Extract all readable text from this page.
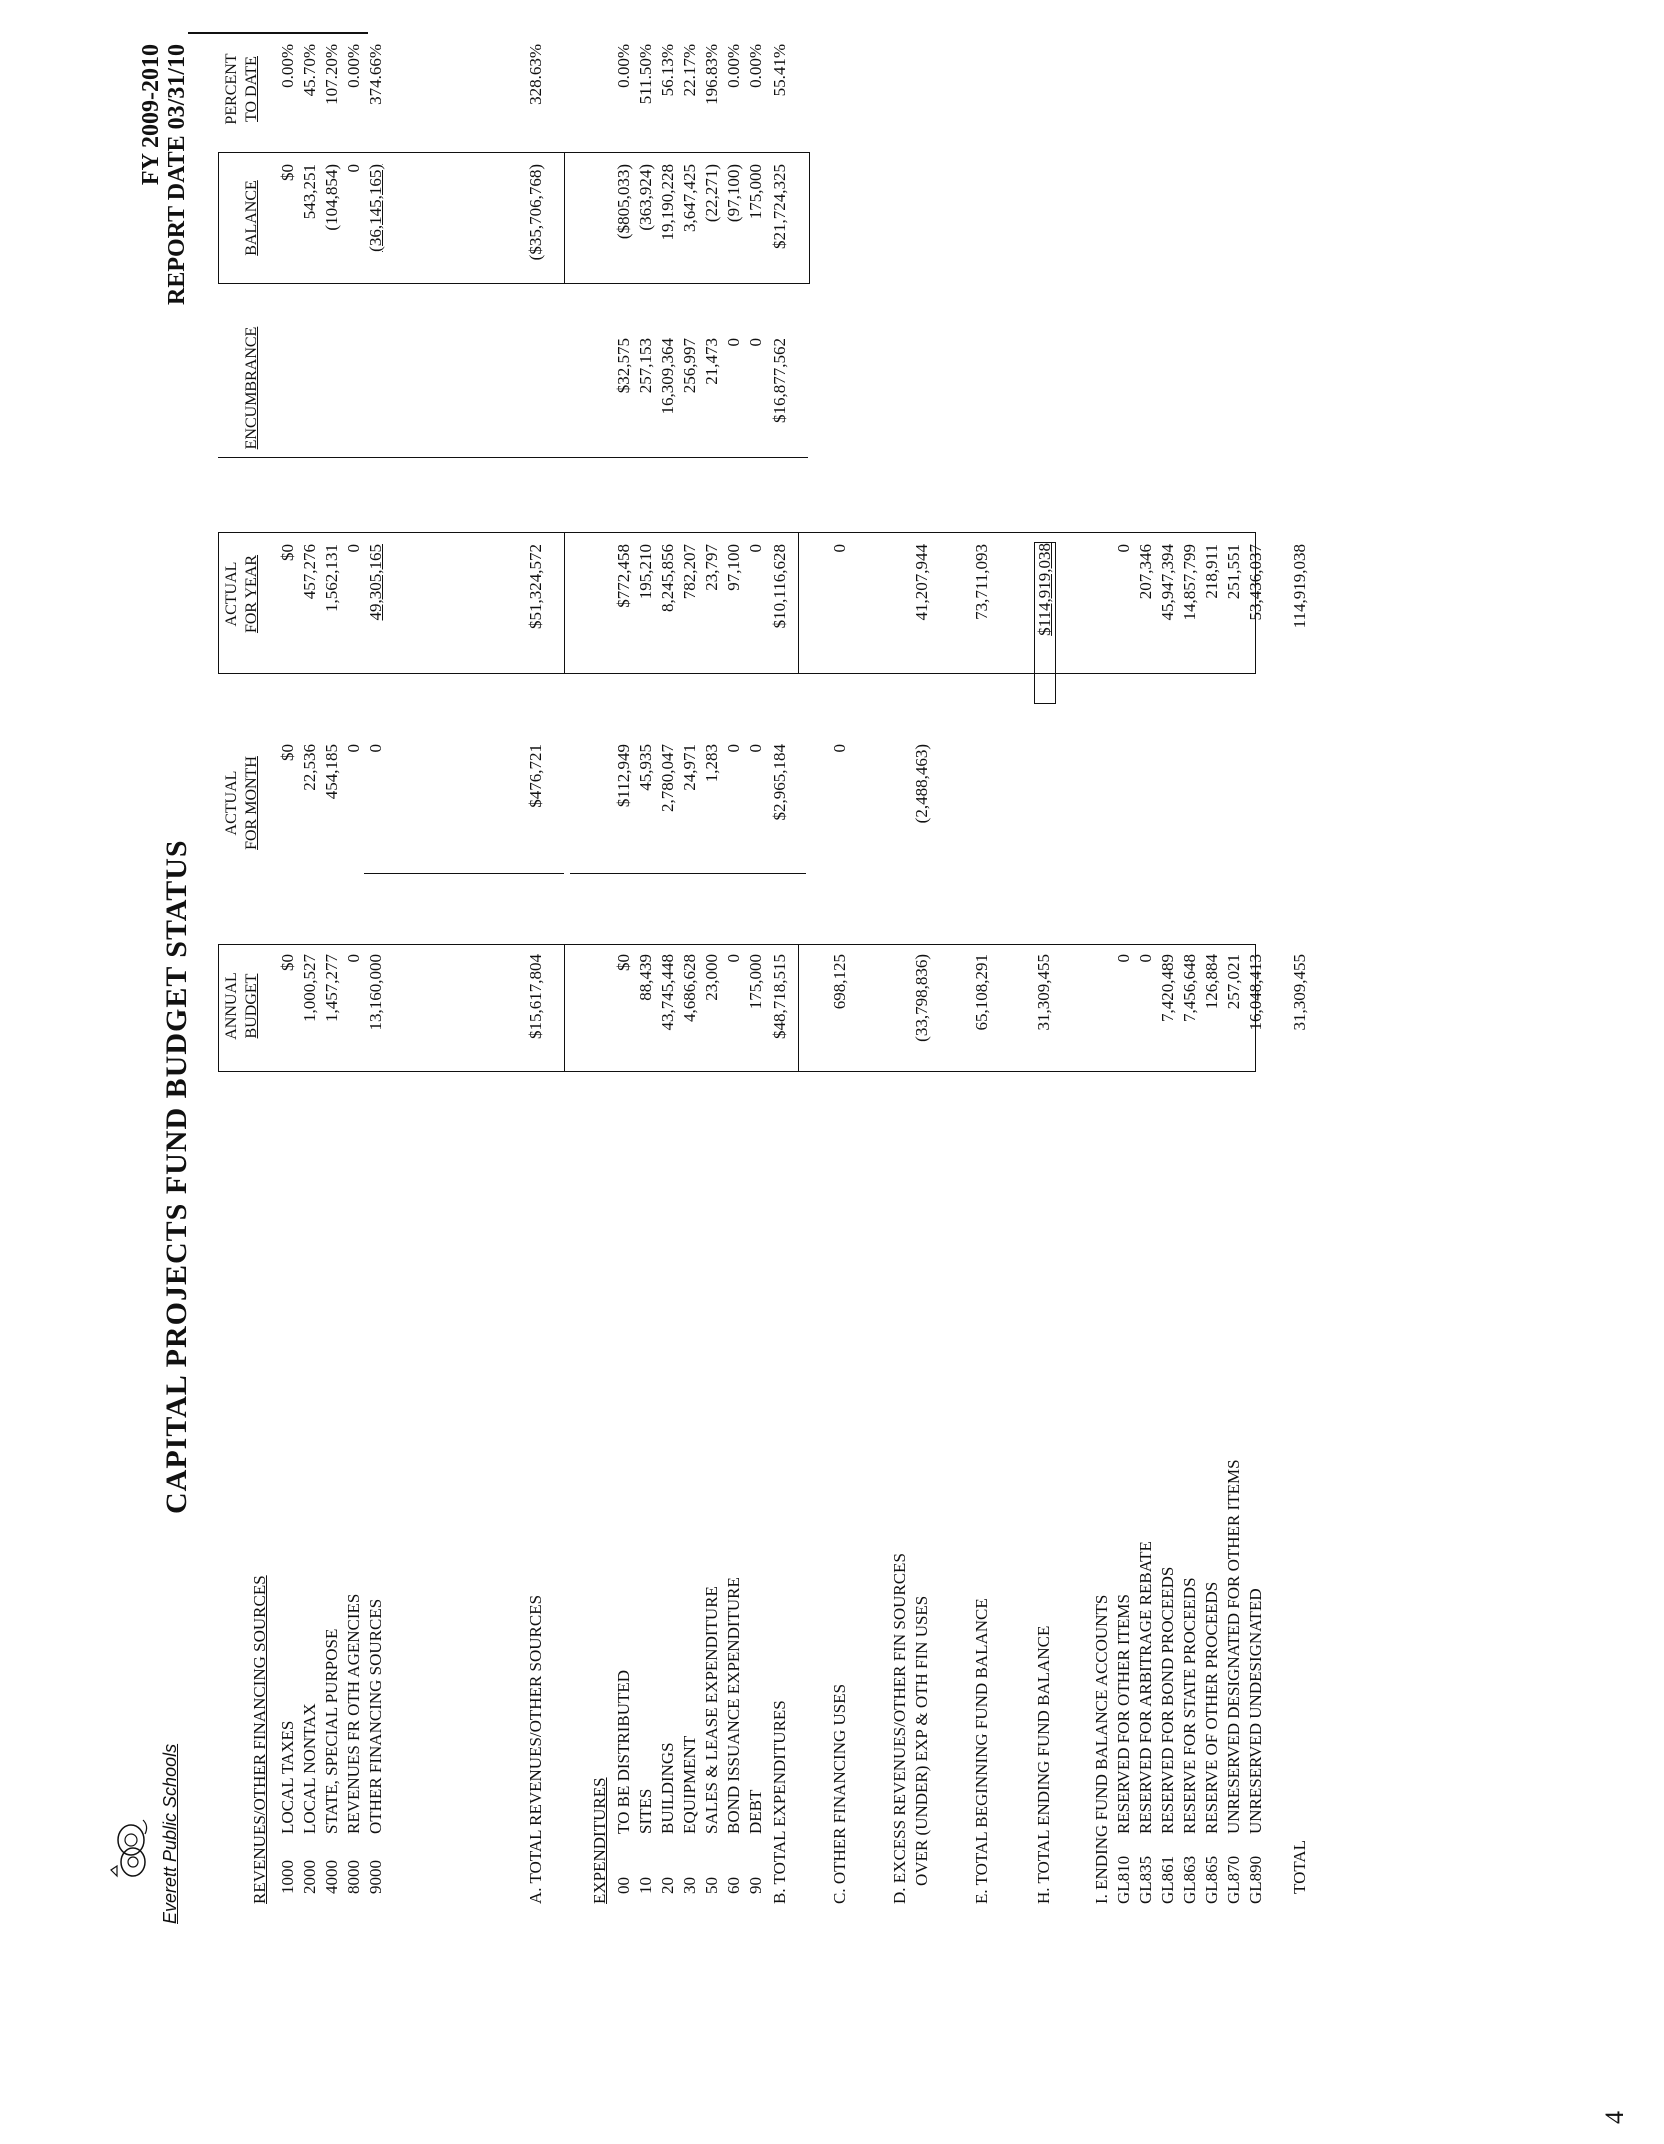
Everett Public Schools
CAPITAL PROJECTS FUND BUDGET STATUS
FY 2009-2010 REPORT DATE 03/31/10
ANNUAL BUDGET
ACTUAL FOR MONTH
ACTUAL FOR YEAR
ENCUMBRANCE
BALANCE
PERCENT TO DATE
REVENUES/OTHER FINANCING SOURCES 1000
LOCAL TAXES
$0
$0
$0
$0
0.00%
2000
LOCAL NONTAX
1,000,527
22,536
457,276
543,251
45.70%
4000
STATE, SPECIAL PURPOSE
1,457,277
454,185
1,562,131
(104,854)
107.20%
8000
REVENUES FR OTH AGENCIES
0
0
0
0
0.00%
9000
OTHER FINANCING SOURCES
13,160,000
0
49,305,165
(36,145,165)
374.66%
A. TOTAL REVENUES/OTHER SOURCES
$15,617,804
$476,721
$51,324,572
($35,706,768)
328.63%
EXPENDITURES 00
TO BE DISTRIBUTED
$0
$112,949
$772,458
$32,575
($805,033)
0.00%
10
SITES
88,439
45,935
195,210
257,153
(363,924)
511.50%
20
BUILDINGS
43,745,448
2,780,047
8,245,856
16,309,364
19,190,228
56.13%
30
EQUIPMENT
4,686,628
24,971
782,207
256,997
3,647,425
22.17%
50
SALES & LEASE EXPENDITURE
23,000
1,283
23,797
21,473
(22,271)
196.83%
60
BOND ISSUANCE EXPENDITURE
0
0
97,100
0
(97,100)
0.00%
90
DEBT
175,000
0
0
0
175,000
0.00%
B. TOTAL EXPENDITURES
$48,718,515
$2,965,184
$10,116,628
$16,877,562
$21,724,325
55.41%
C. OTHER FINANCING USES
698,125
0
0
D. EXCESS REVENUES/OTHER FIN SOURCES OVER (UNDER) EXP & OTH FIN USES
(33,798,836)
(2,488,463)
41,207,944
E. TOTAL BEGINNING FUND BALANCE
65,108,291
73,711,093
H. TOTAL ENDING FUND BALANCE
31,309,455
$114,919,038
I. ENDING FUND BALANCE ACCOUNTS GL810
RESERVED FOR OTHER ITEMS
0
0
GL835
RESERVED FOR ARBITRAGE REBATE
0
207,346
GL861
RESERVED FOR BOND PROCEEDS
7,420,489
45,947,394
GL863
RESERVE FOR STATE PROCEEDS
7,456,648
14,857,799
GL865
RESERVE OF OTHER PROCEEDS
126,884
218,911
GL870
UNRESERVED DESIGNATED FOR OTHER ITEMS
257,021
251,551
GL890
UNRESERVED UNDESIGNATED
16,048,413
53,436,037
TOTAL
31,309,455
114,919,038
4
